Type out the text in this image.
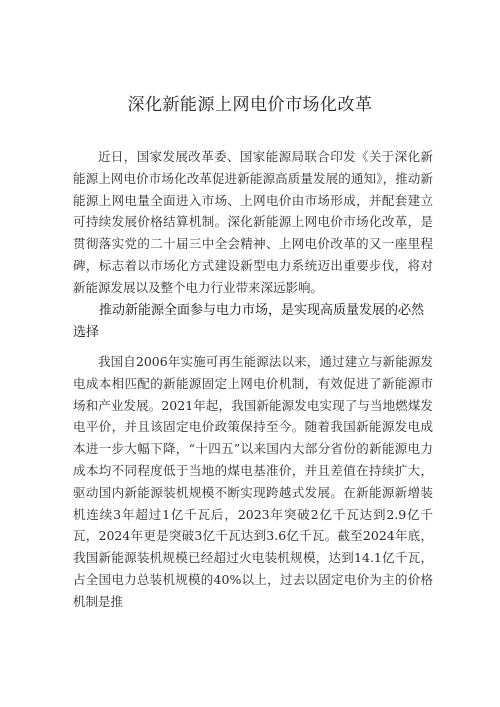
深化新能源上网电价市场化改革

近日，国家发展改革委、国家能源局联合印发《关于深化新能源上网电价市场化改革促进新能源高质量发展的通知》，推动新能源上网电量全面进入市场、上网电价由市场形成，并配套建立可持续发展价格结算机制。深化新能源上网电价市场化改革，是贯彻落实党的二十届三中全会精神、上网电价改革的又一座里程碑，标志着以市场化方式建设新型电力系统迈出重要步伐，将对新能源发展以及整个电力行业带来深远影响。

推动新能源全面参与电力市场，是实现高质量发展的必然选择

我国自2006年实施可再生能源法以来，通过建立与新能源发电成本相匹配的新能源固定上网电价机制，有效促进了新能源市场和产业发展。2021年起，我国新能源发电实现了与当地燃煤发电平价，并且该固定电价政策保持至今。随着我国新能源发电成本进一步大幅下降，“十四五”以来国内大部分省份的新能源电力成本均不同程度低于当地的煤电基准价，并且差值在持续扩大，驱动国内新能源装机规模不断实现跨越式发展。在新能源新增装机连续3年超过1亿千瓦后，2023年突破2亿千瓦达到2.9亿千瓦，2024年更是突破3亿千瓦达到3.6亿千瓦。截至2024年底，我国新能源装机规模已经超过火电装机规模，达到14.1亿千瓦，占全国电力总装机规模的40%以上，过去以固定电价为主的价格机制是推
